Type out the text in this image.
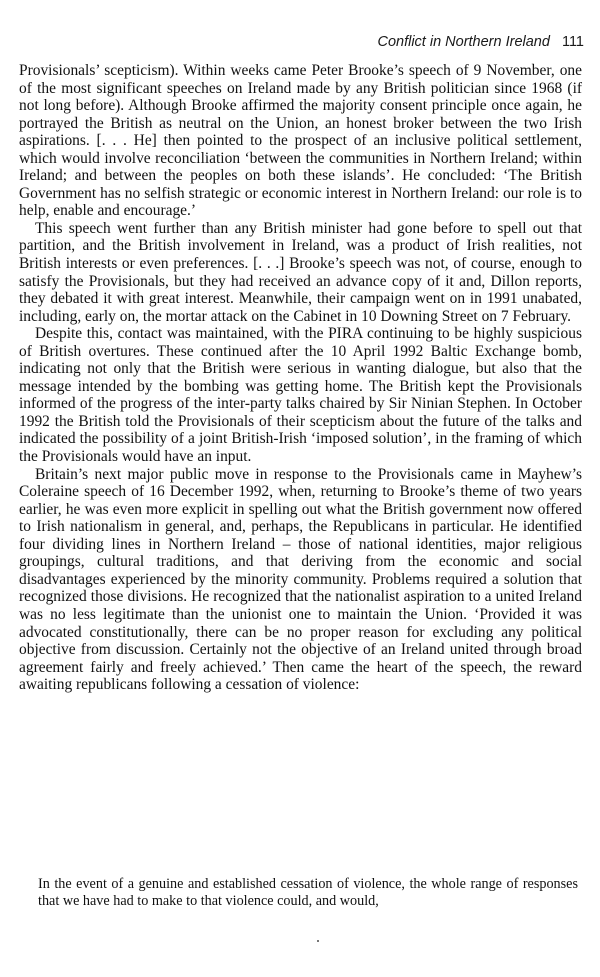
Conflict in Northern Ireland 111

Provisionals’ scepticism). Within weeks came Peter Brooke’s speech of 9 November, one of the most significant speeches on Ireland made by any British politician since 1968 (if not long before). Although Brooke affirmed the majority consent principle once again, he portrayed the British as neutral on the Union, an honest broker between the two Irish aspirations. [. . . He] then pointed to the prospect of an inclusive political settlement, which would involve reconciliation ‘between the communities in Northern Ireland; within Ireland; and between the peoples on both these islands’. He concluded: ‘The British Government has no selfish strategic or economic interest in Northern Ireland: our role is to help, enable and encourage.’

This speech went further than any British minister had gone before to spell out that partition, and the British involvement in Ireland, was a product of Irish realities, not British interests or even preferences. [. . .] Brooke’s speech was not, of course, enough to satisfy the Provisionals, but they had received an advance copy of it and, Dillon reports, they debated it with great interest. Meanwhile, their campaign went on in 1991 unabated, including, early on, the mortar attack on the Cabinet in 10 Downing Street on 7 February.

Despite this, contact was maintained, with the PIRA continuing to be highly suspicious of British overtures. These continued after the 10 April 1992 Baltic Exchange bomb, indicating not only that the British were serious in wanting dialogue, but also that the message intended by the bombing was getting home. The British kept the Provisionals informed of the progress of the inter-party talks chaired by Sir Ninian Stephen. In October 1992 the British told the Provisionals of their scepticism about the future of the talks and indicated the possibility of a joint British-Irish ‘imposed solution’, in the framing of which the Provisionals would have an input.

Britain’s next major public move in response to the Provisionals came in Mayhew’s Coleraine speech of 16 December 1992, when, returning to Brooke’s theme of two years earlier, he was even more explicit in spelling out what the British government now offered to Irish nationalism in general, and, perhaps, the Republicans in particular. He identified four dividing lines in Northern Ireland – those of national identities, major religious groupings, cultural traditions, and that deriving from the economic and social disadvantages experienced by the minority community. Problems required a solution that recognized those divisions. He recognized that the nationalist aspiration to a united Ireland was no less legitimate than the unionist one to maintain the Union. ‘Provided it was advocated constitutionally, there can be no proper reason for excluding any political objective from discussion. Certainly not the objective of an Ireland united through broad agreement fairly and freely achieved.’ Then came the heart of the speech, the reward awaiting republicans following a cessation of violence:

In the event of a genuine and established cessation of violence, the whole range of responses that we have had to make to that violence could, and would,
